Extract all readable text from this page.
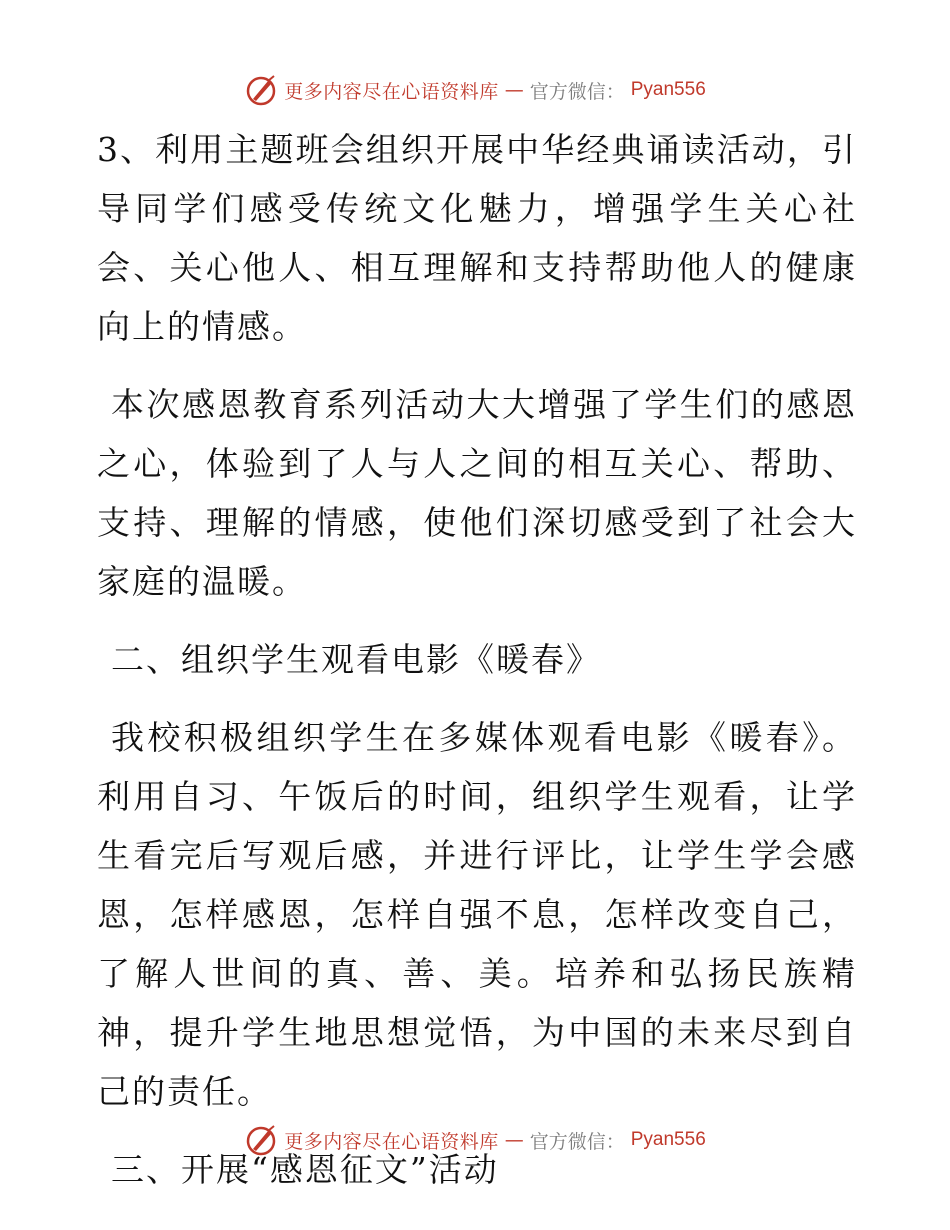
更多内容尽在心语资料库 — 官方微信： Pyan556

3、利用主题班会组织开展中华经典诵读活动，引导同学们感受传统文化魅力，增强学生关心社会、关心他人、相互理解和支持帮助他人的健康向上的情感。

本次感恩教育系列活动大大增强了学生们的感恩之心，体验到了人与人之间的相互关心、帮助、支持、理解的情感，使他们深切感受到了社会大家庭的温暖。

二、组织学生观看电影《暖春》

我校积极组织学生在多媒体观看电影《暖春》。利用自习、午饭后的时间，组织学生观看，让学生看完后写观后感，并进行评比，让学生学会感恩，怎样感恩，怎样自强不息，怎样改变自己，了解人世间的真、善、美。培养和弘扬民族精神，提升学生地思想觉悟，为中国的未来尽到自己的责任。

三、开展“感恩征文”活动

更多内容尽在心语资料库 — 官方微信： Pyan556
